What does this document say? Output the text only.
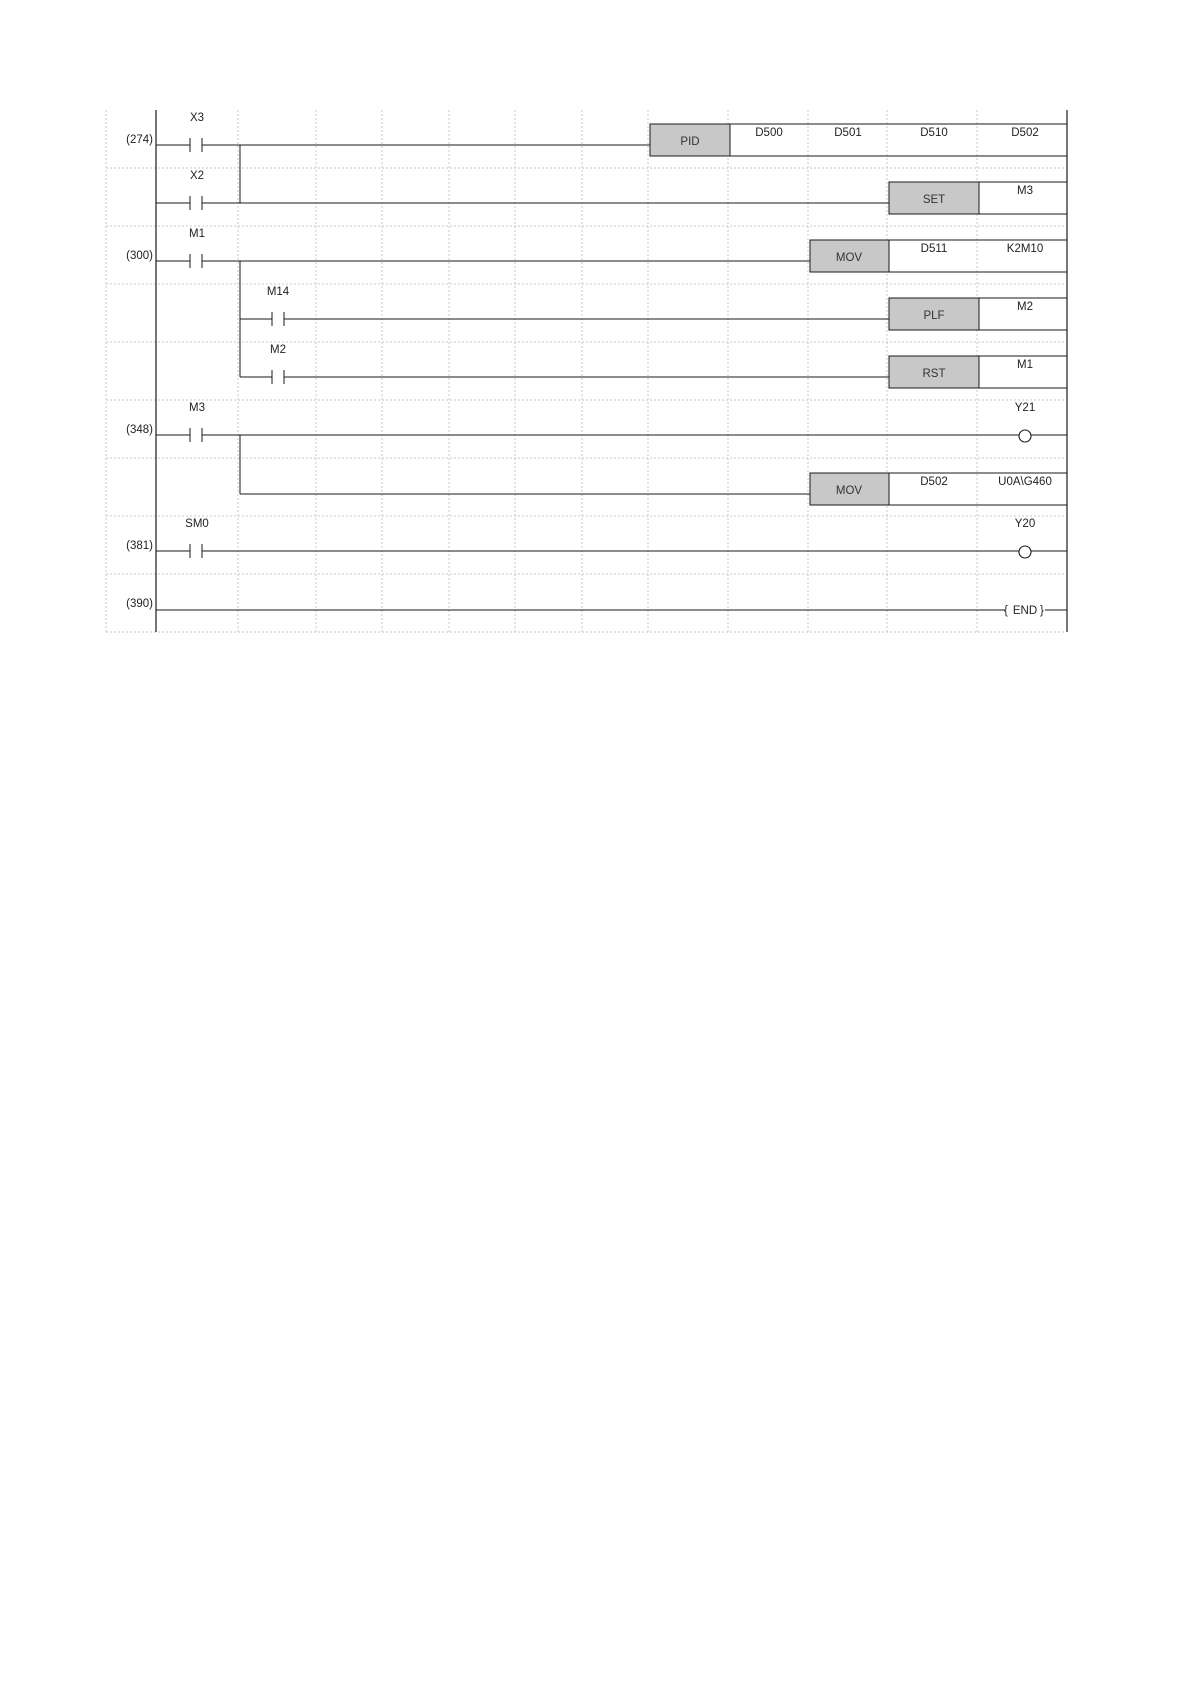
(274)
(300)
(348)
(381)
(390)
X3
PID
D500	D501	D510	D502
X2
SET
M3
M1
MOV
D511	K2M10
M14
PLF
M2
M2
RST
M1
M3	Y21
MOV
D502	U0A\G460
SM0	Y20
{ END }
